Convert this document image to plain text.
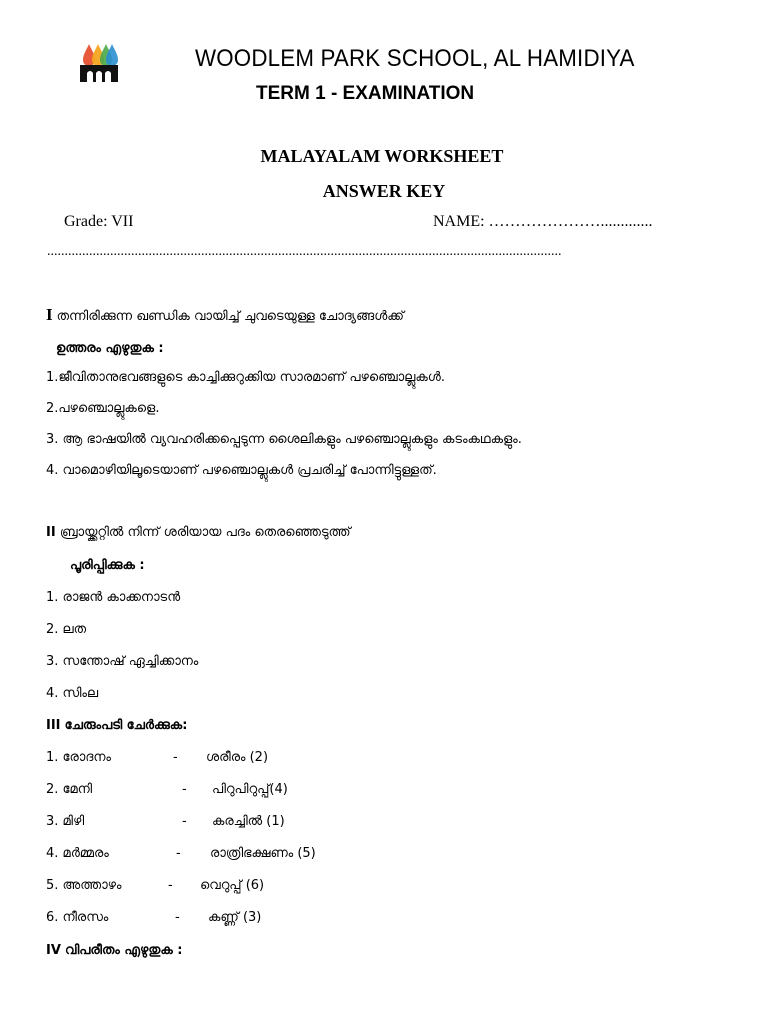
WOODLEM PARK SCHOOL, AL HAMIDIYA
TERM 1 - EXAMINATION
MALAYALAM WORKSHEET
ANSWER KEY
Grade: VII	NAME: ………………….............
...................................................................................................................................................
I തന്നിരിക്കുന്ന ഖണ്ഡിക വായിച്ച് ചുവടെയുള്ള ചോദ്യങ്ങൾക്ക്
ഉത്തരം എഴുതുക :
1.ജീവിതാനുഭവങ്ങളുടെ കാച്ചിക്കുറുക്കിയ സാരമാണ് പഴഞ്ചൊല്ലുകൾ.
2.പഴഞ്ചൊല്ലുകളെ.
3. ആ ഭാഷയിൽ വ്യവഹരിക്കപ്പെടുന്ന ശൈലികളും പഴഞ്ചൊല്ലുകളും കടംകഥകളും.
4. വാമൊഴിയിലൂടെയാണ് പഴഞ്ചൊല്ലുകൾ പ്രചരിച്ച് പോന്നിട്ടുള്ളത്.
II ബ്രായ്ക്കറ്റിൽ നിന്ന് ശരിയായ പദം തെരഞ്ഞെടുത്ത്
പൂരിപ്പിക്കുക :
1. രാജൻ കാക്കനാടൻ
2. ലത
3. സന്തോഷ് ഏച്ചിക്കാനം
4. സിംല
III ചേരുംപടി ചേർക്കുക:
1. രോദനം	- ശരീരം (2)
2. മേനി	- പിറുപിറുപ്പ്(4)
3. മിഴി	- കരച്ചിൽ (1)
4. മർമ്മരം	- രാത്രിഭക്ഷണം (5)
5. അത്താഴം	- വെറുപ്പ് (6)
6. നീരസം	- കണ്ണ് (3)
IV വിപരീതം എഴുതുക :
